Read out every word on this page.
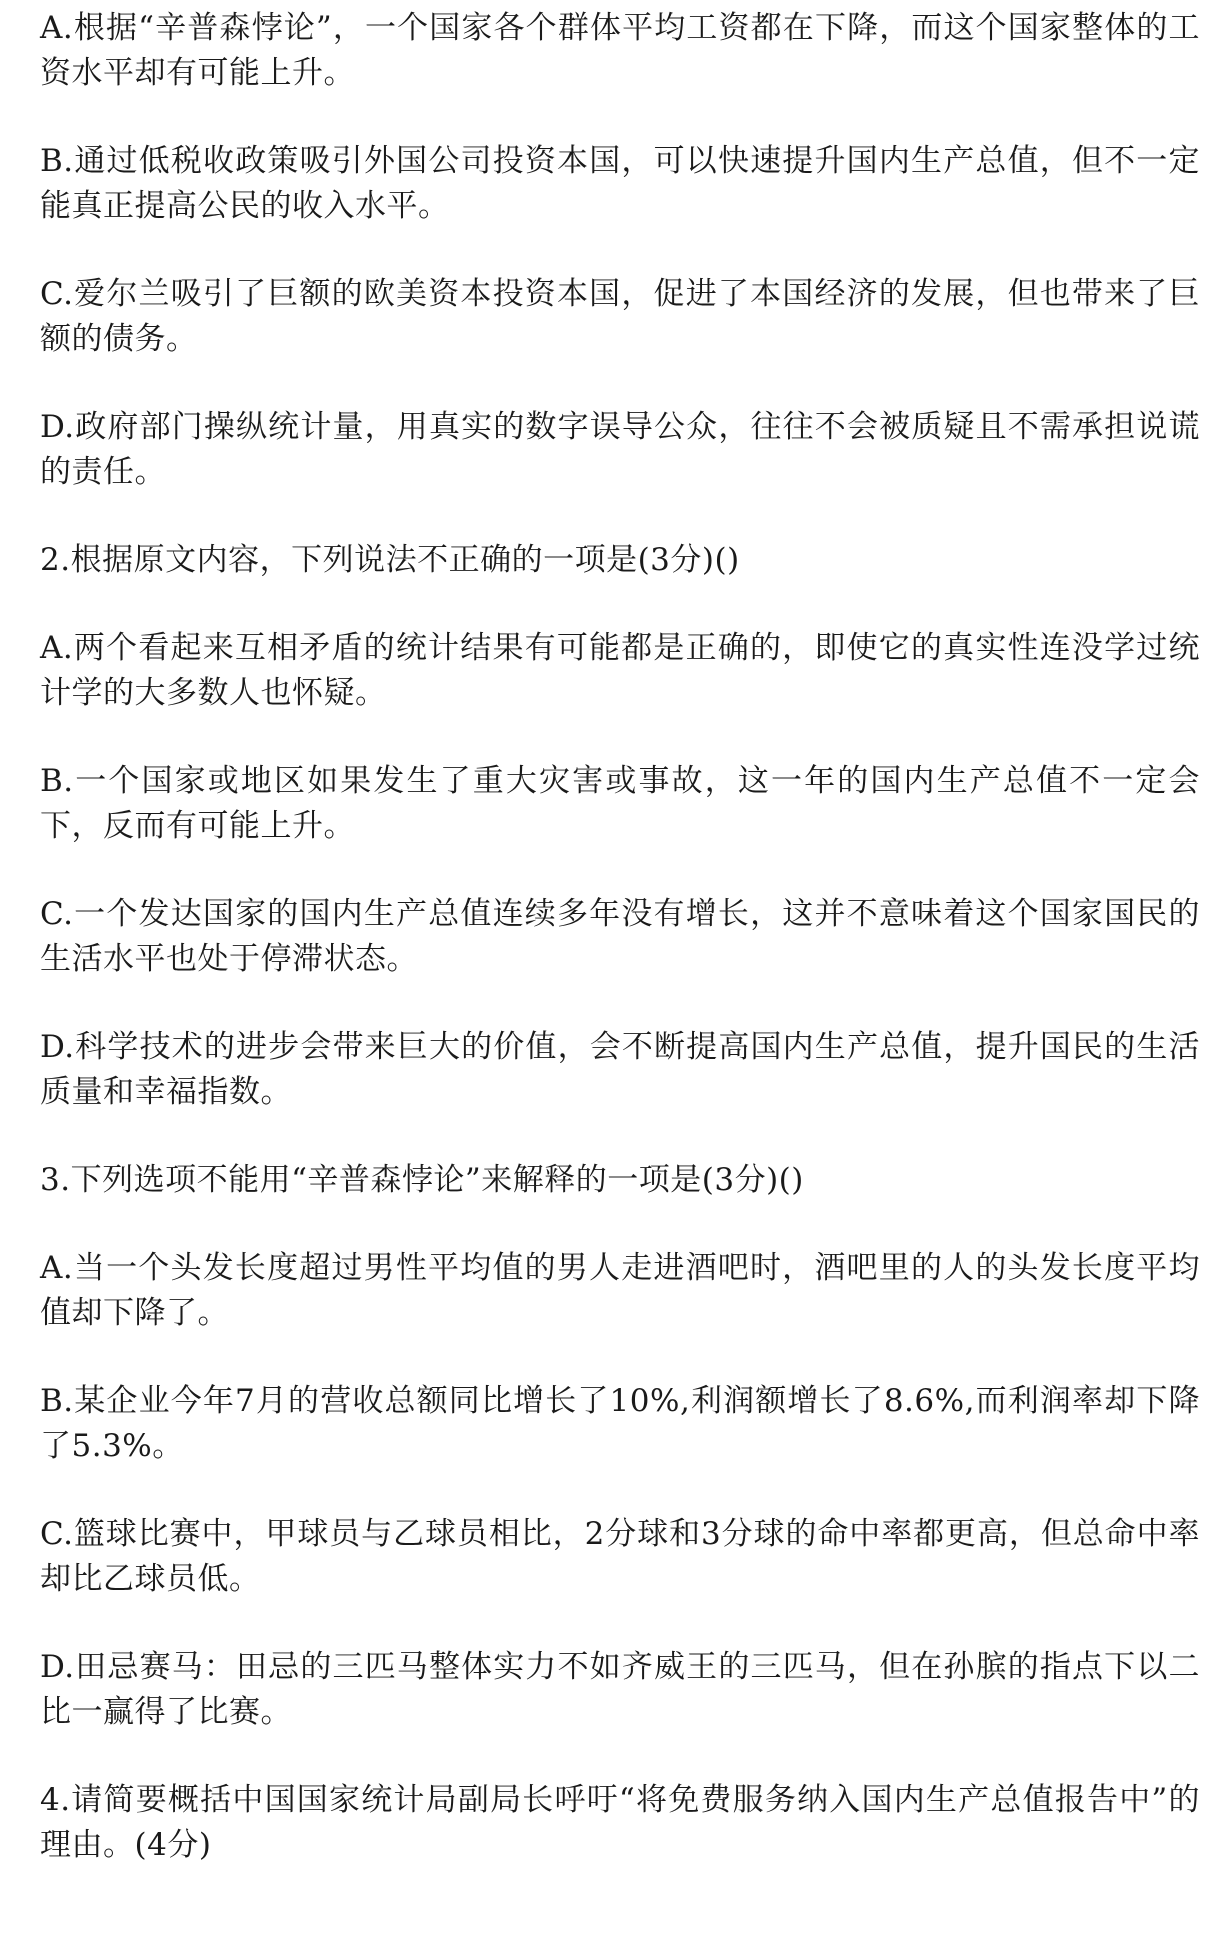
A.根据“辛普森悖论”，一个国家各个群体平均工资都在下降，而这个国家整体的工资水平却有可能上升。

B.通过低税收政策吸引外国公司投资本国，可以快速提升国内生产总值，但不一定能真正提高公民的收入水平。

C.爱尔兰吸引了巨额的欧美资本投资本国，促进了本国经济的发展，但也带来了巨额的债务。

D.政府部门操纵统计量，用真实的数字误导公众，往往不会被质疑且不需承担说谎的责任。

2.根据原文内容，下列说法不正确的一项是(3分)()

A.两个看起来互相矛盾的统计结果有可能都是正确的，即使它的真实性连没学过统计学的大多数人也怀疑。

B.一个国家或地区如果发生了重大灾害或事故，这一年的国内生产总值不一定会下，反而有可能上升。

C.一个发达国家的国内生产总值连续多年没有增长，这并不意味着这个国家国民的生活水平也处于停滞状态。

D.科学技术的进步会带来巨大的价值，会不断提高国内生产总值，提升国民的生活质量和幸福指数。

3.下列选项不能用“辛普森悖论”来解释的一项是(3分)()

A.当一个头发长度超过男性平均值的男人走进酒吧时，酒吧里的人的头发长度平均值却下降了。

B.某企业今年7月的营收总额同比增长了10%,利润额增长了8.6%,而利润率却下降了5.3%。

C.篮球比赛中，甲球员与乙球员相比，2分球和3分球的命中率都更高，但总命中率却比乙球员低。

D.田忌赛马：田忌的三匹马整体实力不如齐威王的三匹马，但在孙膑的指点下以二比一赢得了比赛。

4.请简要概括中国国家统计局副局长呼吁“将免费服务纳入国内生产总值报告中”的理由。(4分)
